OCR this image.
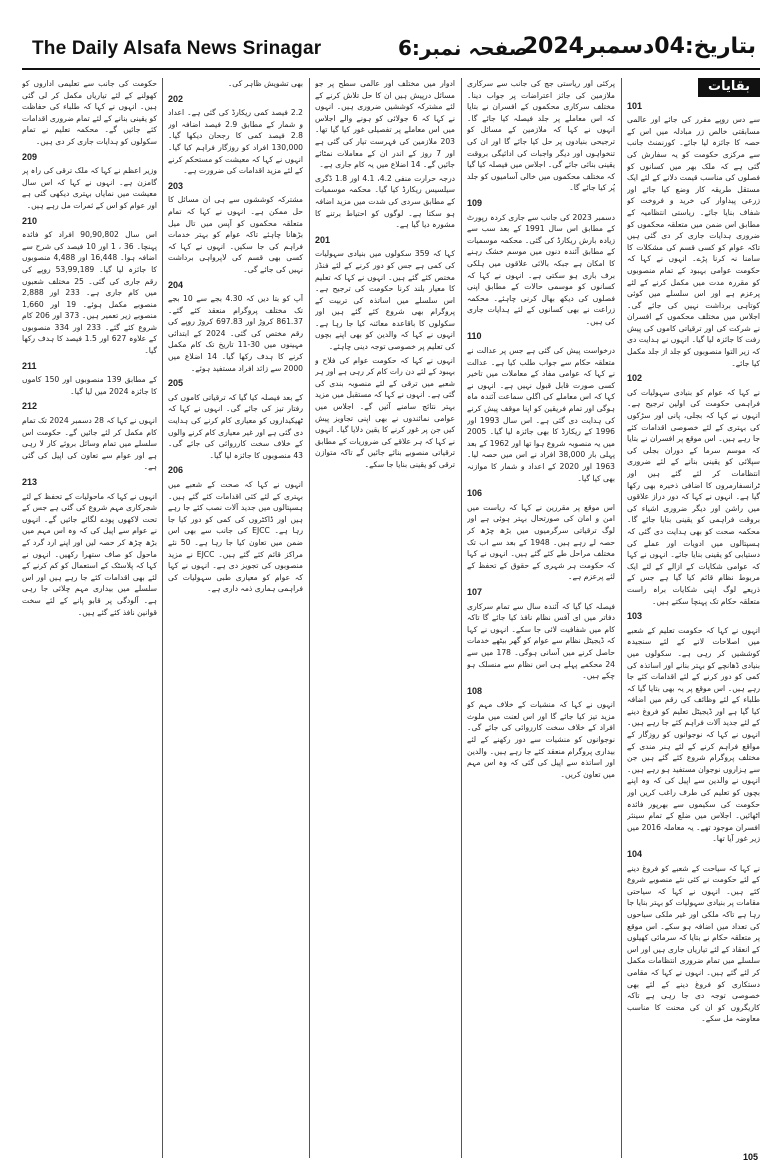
The Daily Alsafa News Srinagar	صفحہ نمبر:6
بتاریخ:04دسمبر2024

حکومت کی جانب سے تعلیمی اداروں کو کھولنے کے لئے تیاریاں مکمل کر لی گئی ہیں۔ انہوں نے کہا کہ طلباء کی حفاظت کو یقینی بنانے کے لئے تمام ضروری اقدامات کئے جائیں گے۔ محکمہ تعلیم نے تمام سکولوں کو ہدایات جاری کر دی ہیں۔

209

وزیر اعظم نے کہا کہ ملک ترقی کی راہ پر گامزن ہے۔ انہوں نے کہا کہ اس سال معیشت میں نمایاں بہتری دیکھی گئی ہے اور عوام کو اس کے ثمرات مل رہے ہیں۔

210

اس سال 90,90,802 افراد کو فائدہ پہنچا۔ 36 ، 1 اور 10 فیصد کی شرح سے اضافہ ہوا۔ 16,448 اور 4,488 منصوبوں کا جائزہ لیا گیا۔ 53,99,189 روپے کی رقم جاری کی گئی۔ 25 مختلف شعبوں میں کام جاری ہے۔ 233 اور 2,888 منصوبے مکمل ہوئے۔ 19 اور 1,660 منصوبے زیر تعمیر ہیں۔ 373 اور 206 کام شروع کئے گئے۔ 233 اور 334 منصوبوں کے علاوہ 627 اور 1.5 فیصد کا ہدف رکھا گیا۔

211

کے مطابق 139 منصوبوں اور 150 کاموں کا جائزہ 2024 میں لیا گیا۔

212

انہوں نے کہا کہ 28 دسمبر 2024 تک تمام کام مکمل کر لئے جائیں گے۔ حکومت اس سلسلے میں تمام وسائل بروئے کار لا رہی ہے اور عوام سے تعاون کی اپیل کی گئی ہے۔

213

انہوں نے کہا کہ ماحولیات کے تحفظ کے لئے شجرکاری مہم شروع کی گئی ہے جس کے تحت لاکھوں پودے لگائے جائیں گے۔ انہوں نے عوام سے اپیل کی کہ وہ اس مہم میں بڑھ چڑھ کر حصہ لیں اور اپنے ارد گرد کے ماحول کو صاف ستھرا رکھیں۔ انہوں نے کہا کہ پلاسٹک کے استعمال کو کم کرنے کے لئے بھی اقدامات کئے جا رہے ہیں اور اس سلسلے میں بیداری مہم چلائی جا رہی ہے۔ آلودگی پر قابو پانے کے لئے سخت قوانین نافذ کئے گئے ہیں۔

بھی تشویش ظاہر کی۔

202

2.2 فیصد کمی ریکارڈ کی گئی ہے۔ اعداد و شمار کے مطابق 2.9 فیصد اضافہ اور 2.8 فیصد کمی کا رجحان دیکھا گیا۔ 130,000 افراد کو روزگار فراہم کیا گیا۔ انہوں نے کہا کہ معیشت کو مستحکم کرنے کے لئے مزید اقدامات کی ضرورت ہے۔

203

مشترکہ کوششوں سے ہی ان مسائل کا حل ممکن ہے۔ انہوں نے کہا کہ تمام متعلقہ محکموں کو آپس میں تال میل بڑھانا چاہئے تاکہ عوام کو بہتر خدمات فراہم کی جا سکیں۔ انہوں نے کہا کہ کسی بھی قسم کی لاپرواہی برداشت نہیں کی جائے گی۔

204

آپ کو بتا دیں کہ 4.30 بجے سے 10 بجے تک مختلف پروگرام منعقد کئے گئے۔ 861.37 کروڑ اور 697.83 کروڑ روپے کی رقم مختص کی گئی۔ 2024 کے ابتدائی مہینوں میں 30-11 تاریخ تک کام مکمل کرنے کا ہدف رکھا گیا۔ 14 اضلاع میں 2000 سے زائد افراد مستفید ہوئے۔

205

کے بعد فیصلہ کیا گیا کہ ترقیاتی کاموں کی رفتار تیز کی جائے گی۔ انہوں نے کہا کہ ٹھیکیداروں کو معیاری کام کرنے کی ہدایت دی گئی ہے اور غیر معیاری کام کرنے والوں کے خلاف سخت کارروائی کی جائے گی۔ 43 منصوبوں کا جائزہ لیا گیا۔

206

انہوں نے کہا کہ صحت کے شعبے میں بہتری کے لئے کئی اقدامات کئے گئے ہیں۔ ہسپتالوں میں جدید آلات نصب کئے جا رہے ہیں اور ڈاکٹروں کی کمی کو دور کیا جا رہا ہے۔ EJCC کی جانب سے بھی اس ضمن میں تعاون کیا جا رہا ہے۔ 50 نئے مراکز قائم کئے گئے ہیں۔ EJCC نے مزید منصوبوں کی تجویز دی ہے۔ انہوں نے کہا کہ عوام کو معیاری طبی سہولیات کی فراہمی ہماری ذمہ داری ہے۔

ادوار میں مختلف اور عالمی سطح پر جو مسائل درپیش ہیں ان کا حل تلاش کرنے کے لئے مشترکہ کوششیں ضروری ہیں۔ انہوں نے کہا کہ 6 جولائی کو ہونے والے اجلاس میں اس معاملے پر تفصیلی غور کیا گیا تھا۔ 203 ملازمین کی فہرست تیار کی گئی ہے اور 7 روز کے اندر ان کے معاملات نمٹائے جائیں گے۔ 14 اضلاع میں یہ کام جاری ہے۔

درجہ حرارت منفی 4.2، 4.1 اور 1.8 ڈگری سیلسیس ریکارڈ کیا گیا۔ محکمہ موسمیات کے مطابق سردی کی شدت میں مزید اضافہ ہو سکتا ہے۔ لوگوں کو احتیاط برتنے کا مشورہ دیا گیا ہے۔

201

کہا کہ 359 سکولوں میں بنیادی سہولیات کی کمی ہے جس کو دور کرنے کے لئے فنڈز مختص کئے گئے ہیں۔ انہوں نے کہا کہ تعلیم کا معیار بلند کرنا حکومت کی ترجیح ہے۔ اس سلسلے میں اساتذہ کی تربیت کے پروگرام بھی شروع کئے گئے ہیں اور سکولوں کا باقاعدہ معائنہ کیا جا رہا ہے۔ انہوں نے کہا کہ والدین کو بھی اپنے بچوں کی تعلیم پر خصوصی توجہ دینی چاہئے۔

انہوں نے کہا کہ حکومت عوام کی فلاح و بہبود کے لئے دن رات کام کر رہی ہے اور ہر شعبے میں ترقی کے لئے منصوبہ بندی کی گئی ہے۔ انہوں نے کہا کہ مستقبل میں مزید بہتر نتائج سامنے آئیں گے۔ اجلاس میں عوامی نمائندوں نے بھی اپنی تجاویز پیش کیں جن پر غور کرنے کا یقین دلایا گیا۔ انہوں نے کہا کہ ہر علاقے کی ضروریات کے مطابق ترقیاتی منصوبے بنائے جائیں گے تاکہ متوازن ترقی کو یقینی بنایا جا سکے۔

پرکئی اور ریاستی جج کی جانب سے سرکاری ملازمین کی جائز اعتراضات پر جواب دینا۔ مختلف سرکاری محکموں کے افسران نے بتایا کہ اس معاملے پر جلد فیصلہ کیا جائے گا۔ انہوں نے کہا کہ ملازمین کے مسائل کو ترجیحی بنیادوں پر حل کیا جائے گا اور ان کی تنخواہوں اور دیگر واجبات کی ادائیگی بروقت یقینی بنائی جائے گی۔ اجلاس میں فیصلہ کیا گیا کہ مختلف محکموں میں خالی آسامیوں کو جلد پُر کیا جائے گا۔

109

دسمبر 2023 کی جانب سے جاری کردہ رپورٹ کے مطابق اس سال 1991 کے بعد سب سے زیادہ بارش ریکارڈ کی گئی۔ محکمہ موسمیات کے مطابق آئندہ دنوں میں موسم خشک رہنے کا امکان ہے جبکہ بالائی علاقوں میں ہلکی برف باری ہو سکتی ہے۔ انہوں نے کہا کہ کسانوں کو موسمی حالات کے مطابق اپنی فصلوں کی دیکھ بھال کرنی چاہئے۔ محکمہ زراعت نے بھی کسانوں کے لئے ہدایات جاری کی ہیں۔

110

درخواست پیش کی گئی ہے جس پر عدالت نے متعلقہ حکام سے جواب طلب کیا ہے۔ عدالت نے کہا کہ عوامی مفاد کے معاملات میں تاخیر کسی صورت قابل قبول نہیں ہے۔ انہوں نے کہا کہ اس معاملے کی اگلی سماعت آئندہ ماہ ہوگی اور تمام فریقین کو اپنا موقف پیش کرنے کی ہدایت دی گئی ہے۔ اس سال 1993 اور 1996 کے ریکارڈ کا بھی جائزہ لیا گیا۔ 2005 میں یہ منصوبہ شروع ہوا تھا اور 1962 کے بعد پہلی بار 38,000 افراد نے اس میں حصہ لیا۔ 1963 اور 2020 کے اعداد و شمار کا موازنہ بھی کیا گیا۔

106

اس موقع پر مقررین نے کہا کہ ریاست میں امن و امان کی صورتحال بہتر ہوئی ہے اور لوگ ترقیاتی سرگرمیوں میں بڑھ چڑھ کر حصہ لے رہے ہیں۔ 1948 کے بعد سے اب تک مختلف مراحل طے کئے گئے ہیں۔ انہوں نے کہا کہ حکومت ہر شہری کے حقوق کے تحفظ کے لئے پرعزم ہے۔

107

فیصلہ کیا گیا کہ آئندہ سال سے تمام سرکاری دفاتر میں ای آفس نظام نافذ کیا جائے گا تاکہ کام میں شفافیت لائی جا سکے۔ انہوں نے کہا کہ ڈیجیٹل نظام سے عوام کو گھر بیٹھے خدمات حاصل کرنے میں آسانی ہوگی۔ 178 میں سے 24 محکمے پہلے ہی اس نظام سے منسلک ہو چکے ہیں۔

108

انہوں نے کہا کہ منشیات کے خلاف مہم کو مزید تیز کیا جائے گا اور اس لعنت میں ملوث افراد کے خلاف سخت کارروائی کی جائے گی۔ نوجوانوں کو منشیات سے دور رکھنے کے لئے بیداری پروگرام منعقد کئے جا رہے ہیں۔ والدین اور اساتذہ سے اپیل کی گئی کہ وہ اس مہم میں تعاون کریں۔

بقایات
101

سے دس روپے مقرر کی جائے اور عالمی مسابقتی خالص زر مبادلہ میں اس کے حصہ کا جائزہ لیا جائے۔ کورنمنٹ جانب سے مرکزی حکومت کو یہ سفارش کی گئی ہے کہ ملک بھر میں کسانوں کو فصلوں کی مناسب قیمت دلانے کے لئے ایک مستقل طریقہ کار وضع کیا جائے اور زرعی پیداوار کی خرید و فروخت کو شفاف بنایا جائے۔ ریاستی انتظامیہ کے مطابق اس ضمن میں متعلقہ محکموں کو ضروری ہدایات جاری کر دی گئی ہیں تاکہ عوام کو کسی قسم کی مشکلات کا سامنا نہ کرنا پڑے۔ انہوں نے کہا کہ حکومت عوامی بہبود کے تمام منصوبوں کو مقررہ مدت میں مکمل کرنے کے لئے پرعزم ہے اور اس سلسلے میں کوئی کوتاہی برداشت نہیں کی جائے گی۔ اجلاس میں مختلف محکموں کے افسران نے شرکت کی اور ترقیاتی کاموں کی پیش رفت کا جائزہ لیا گیا۔ انہوں نے ہدایت دی کہ زیر التوا منصوبوں کو جلد از جلد مکمل کیا جائے۔

102

نے کہا کہ عوام کو بنیادی سہولیات کی فراہمی حکومت کی اولین ترجیح ہے۔ انہوں نے کہا کہ بجلی، پانی اور سڑکوں کی بہتری کے لئے خصوصی اقدامات کئے جا رہے ہیں۔ اس موقع پر افسران نے بتایا کہ موسم سرما کے دوران بجلی کی سپلائی کو یقینی بنانے کے لئے ضروری انتظامات کر لئے گئے ہیں اور ٹرانسفارمروں کا اضافی ذخیرہ بھی رکھا گیا ہے۔ انہوں نے کہا کہ دور دراز علاقوں میں راشن اور دیگر ضروری اشیاء کی بروقت فراہمی کو یقینی بنایا جائے گا۔ محکمہ صحت کو بھی ہدایت دی گئی کہ ہسپتالوں میں ادویات اور عملے کی دستیابی کو یقینی بنایا جائے۔ انہوں نے کہا کہ عوامی شکایات کے ازالے کے لئے ایک مربوط نظام قائم کیا گیا ہے جس کے ذریعے لوگ اپنی شکایات براہ راست متعلقہ حکام تک پہنچا سکتے ہیں۔

103

انہوں نے کہا کہ حکومت تعلیم کے شعبے میں اصلاحات لانے کے لئے سنجیدہ کوششیں کر رہی ہے۔ سکولوں میں بنیادی ڈھانچے کو بہتر بنانے اور اساتذہ کی کمی کو دور کرنے کے لئے اقدامات کئے جا رہے ہیں۔ اس موقع پر یہ بھی بتایا گیا کہ طلباء کے لئے وظائف کی رقم میں اضافہ کیا گیا ہے اور ڈیجیٹل تعلیم کو فروغ دینے کے لئے جدید آلات فراہم کئے جا رہے ہیں۔ انہوں نے کہا کہ نوجوانوں کو روزگار کے مواقع فراہم کرنے کے لئے ہنر مندی کے مختلف پروگرام شروع کئے گئے ہیں جن سے ہزاروں نوجوان مستفید ہو رہے ہیں۔ انہوں نے والدین سے اپیل کی کہ وہ اپنے بچوں کو تعلیم کی طرف راغب کریں اور حکومت کی سکیموں سے بھرپور فائدہ اٹھائیں۔ اجلاس میں ضلع کے تمام سینئر افسران موجود تھے۔ یہ معاملہ 2016 میں زیر غور آیا تھا۔

104

نے کہا کہ سیاحت کے شعبے کو فروغ دینے کے لئے حکومت نے کئی نئے منصوبے شروع کئے ہیں۔ انہوں نے کہا کہ سیاحتی مقامات پر بنیادی سہولیات کو بہتر بنایا جا رہا ہے تاکہ ملکی اور غیر ملکی سیاحوں کی تعداد میں اضافہ ہو سکے۔ اس موقع پر متعلقہ حکام نے بتایا کہ سرمائی کھیلوں کے انعقاد کے لئے تیاریاں جاری ہیں اور اس سلسلے میں تمام ضروری انتظامات مکمل کر لئے گئے ہیں۔ انہوں نے کہا کہ مقامی دستکاری کو فروغ دینے کے لئے بھی خصوصی توجہ دی جا رہی ہے تاکہ کاریگروں کو ان کی محنت کا مناسب معاوضہ مل سکے۔

105
